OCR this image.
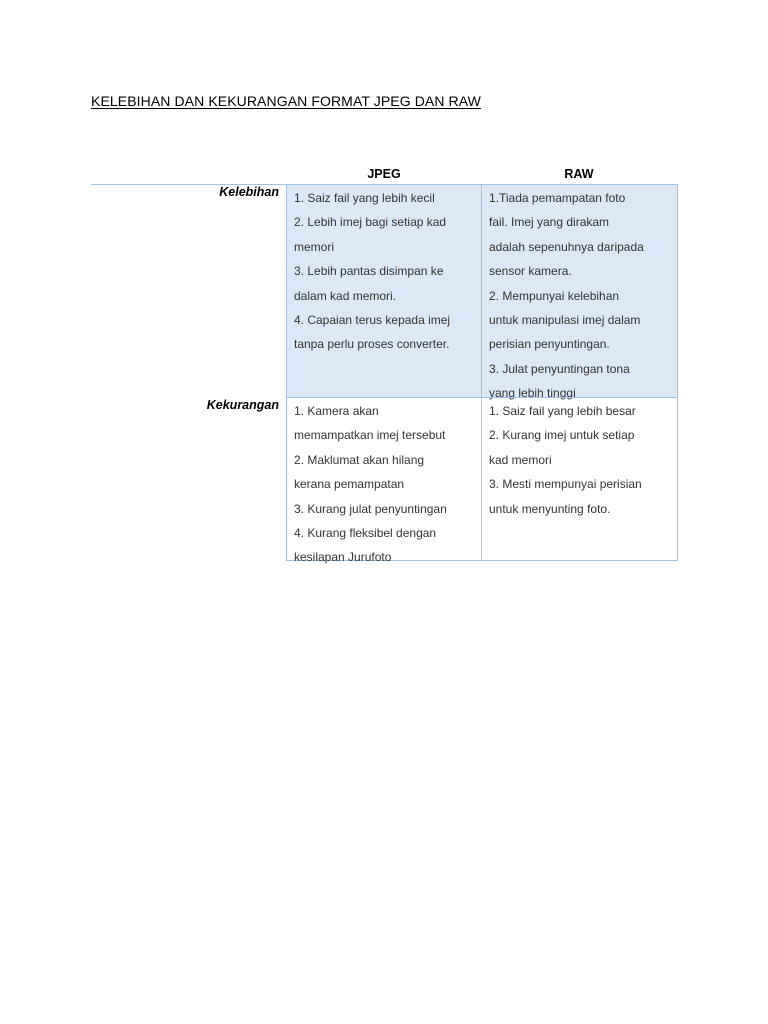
KELEBIHAN DAN KEKURANGAN FORMAT JPEG DAN RAW
JPEG	RAW
Kelebihan
Kekurangan
1. Saiz fail yang lebih kecil
2. Lebih imej bagi setiap kad
memori
3. Lebih pantas disimpan ke
dalam kad memori.
4. Capaian terus kepada imej
tanpa perlu proses converter.
1.Tiada pemampatan foto
fail. Imej yang dirakam
adalah sepenuhnya daripada
sensor kamera.
2. Mempunyai kelebihan
untuk manipulasi imej dalam
perisian penyuntingan.
3. Julat penyuntingan tona
yang lebih tinggi
1. Kamera akan
memampatkan imej tersebut
2. Maklumat akan hilang
kerana pemampatan
3. Kurang julat penyuntingan
4. Kurang fleksibel dengan
kesilapan Jurufoto
1. Saiz fail yang lebih besar
2. Kurang imej untuk setiap
kad memori
3. Mesti mempunyai perisian
untuk menyunting foto.
